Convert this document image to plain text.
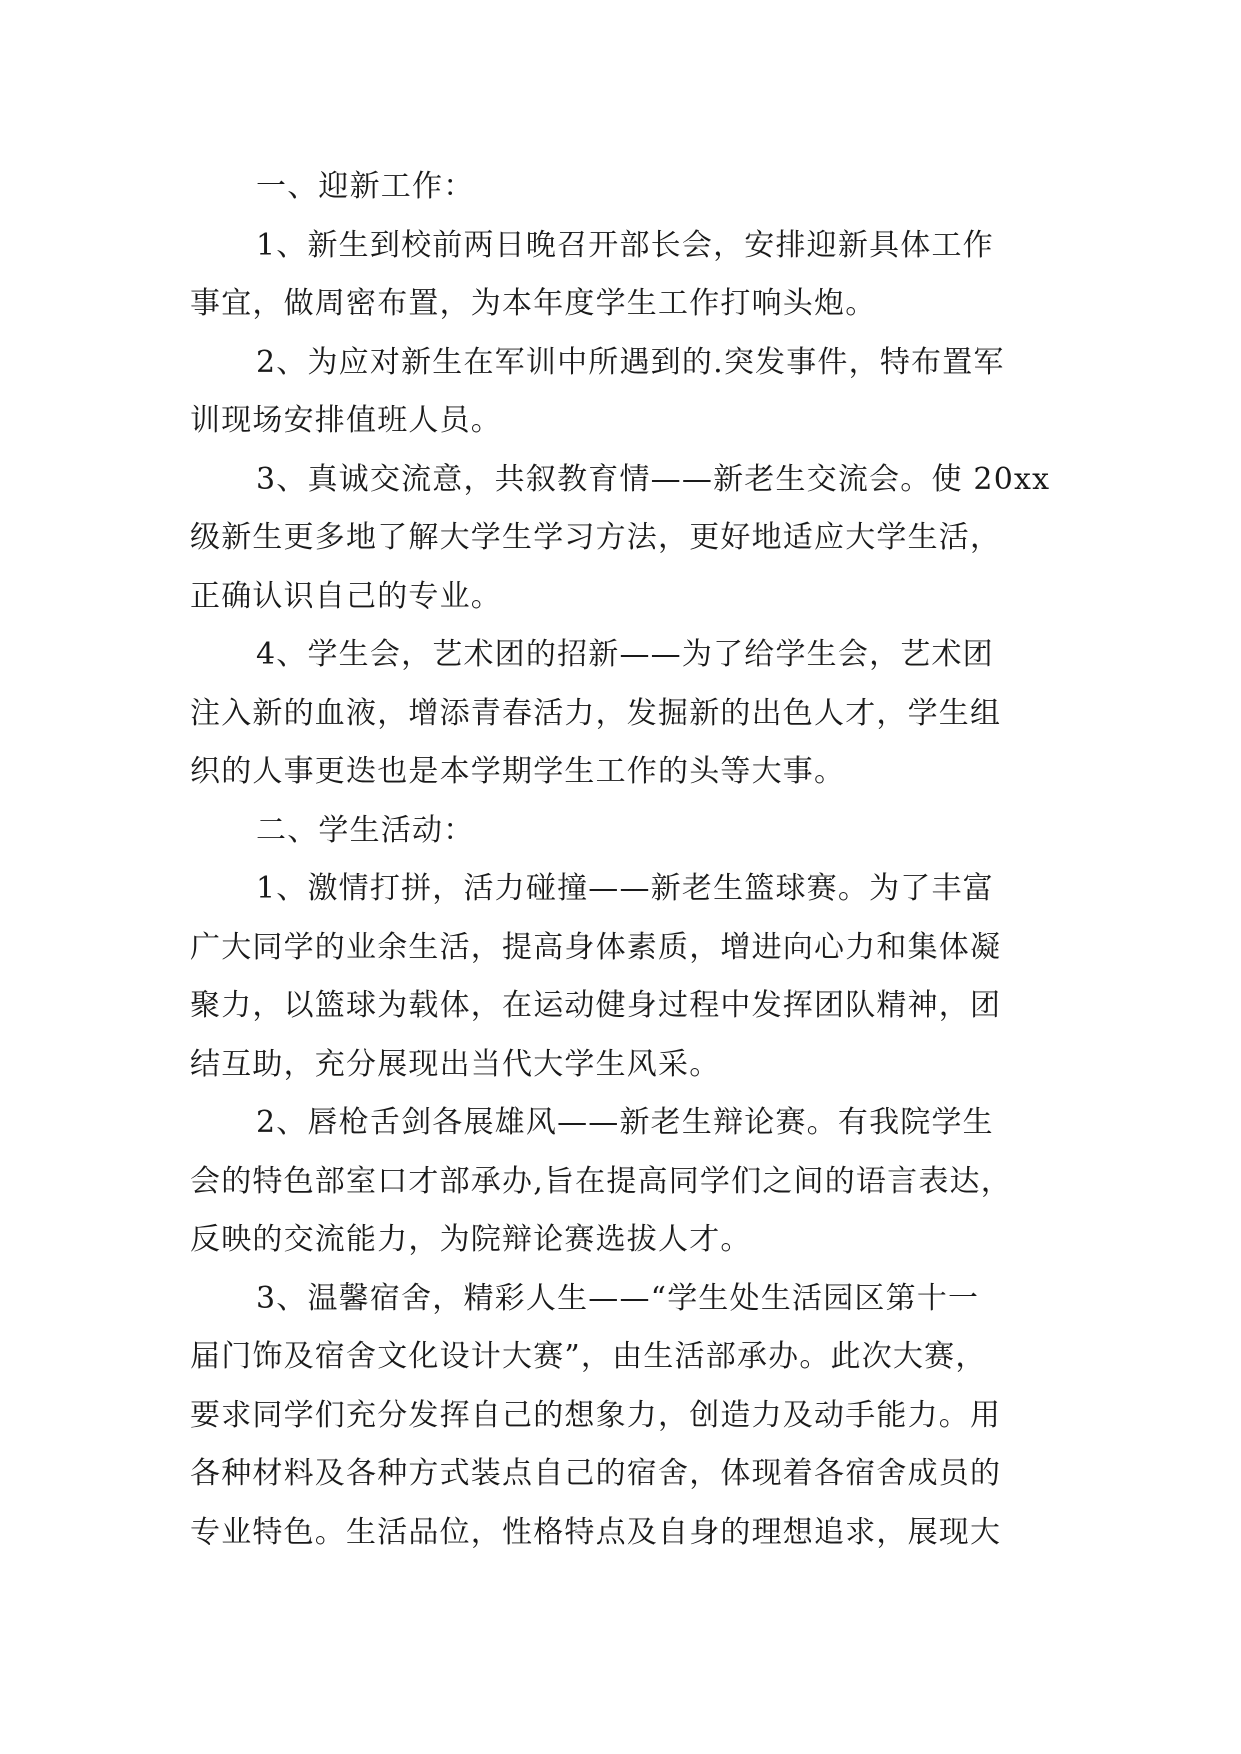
一、迎新工作：

1、新生到校前两日晚召开部长会，安排迎新具体工作
事宜，做周密布置，为本年度学生工作打响头炮。

2、为应对新生在军训中所遇到的.突发事件，特布置军
训现场安排值班人员。

3、真诚交流意，共叙教育情——新老生交流会。使 20xx
级新生更多地了解大学生学习方法，更好地适应大学生活，
正确认识自己的专业。

4、学生会，艺术团的招新——为了给学生会，艺术团
注入新的血液，增添青春活力，发掘新的出色人才，学生组
织的人事更迭也是本学期学生工作的头等大事。

二、学生活动：

1、激情打拼，活力碰撞——新老生篮球赛。为了丰富
广大同学的业余生活，提高身体素质，增进向心力和集体凝
聚力，以篮球为载体，在运动健身过程中发挥团队精神，团
结互助，充分展现出当代大学生风采。

2、唇枪舌剑各展雄风——新老生辩论赛。有我院学生
会的特色部室口才部承办,旨在提高同学们之间的语言表达，
反映的交流能力，为院辩论赛选拔人才。

3、温馨宿舍，精彩人生——“学生处生活园区第十一
届门饰及宿舍文化设计大赛”，由生活部承办。此次大赛，
要求同学们充分发挥自己的想象力，创造力及动手能力。用
各种材料及各种方式装点自己的宿舍，体现着各宿舍成员的
专业特色。生活品位，性格特点及自身的理想追求，展现大
